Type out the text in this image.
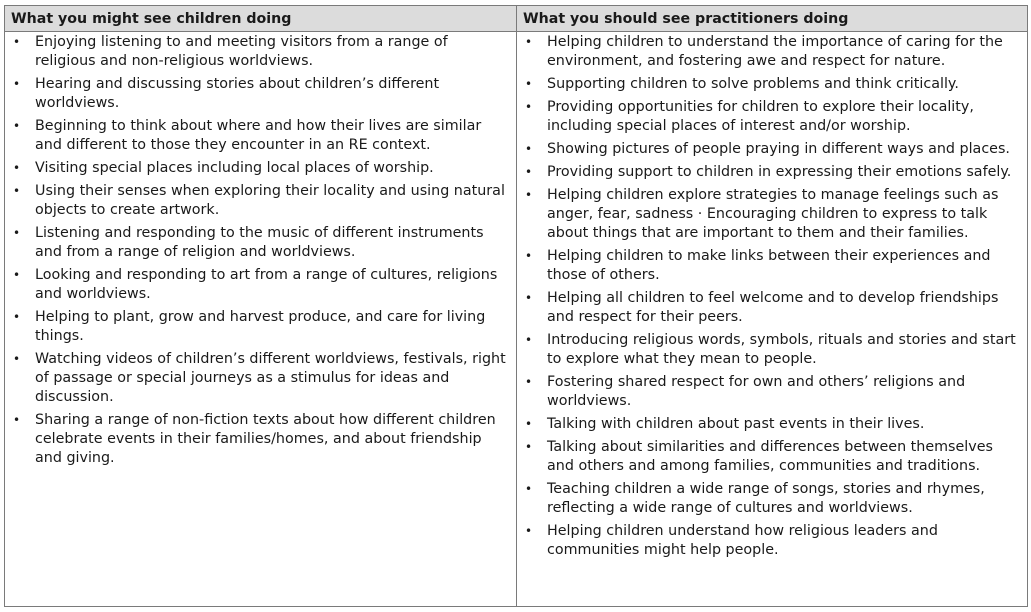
What you might see children doing	What you should see practitioners doing
• Enjoying listening to and meeting visitors from a range of religious and non-religious worldviews.
• Hearing and discussing stories about children’s different worldviews.
• Beginning to think about where and how their lives are similar and different to those they encounter in an RE context.
• Visiting special places including local places of worship.
• Using their senses when exploring their locality and using natural objects to create artwork.
• Listening and responding to the music of different instruments and from a range of religion and worldviews.
• Looking and responding to art from a range of cultures, religions and worldviews.
• Helping to plant, grow and harvest produce, and care for living things.
• Watching videos of children’s different worldviews, festivals, right of passage or special journeys as a stimulus for ideas and discussion.
• Sharing a range of non-fiction texts about how different children celebrate events in their families/homes, and about friendship and giving.
• Helping children to understand the importance of caring for the environment, and fostering awe and respect for nature.
• Supporting children to solve problems and think critically.
• Providing opportunities for children to explore their locality, including special places of interest and/or worship.
• Showing pictures of people praying in different ways and places.
• Providing support to children in expressing their emotions safely.
• Helping children explore strategies to manage feelings such as anger, fear, sadness · Encouraging children to express to talk about things that are important to them and their families.
• Helping children to make links between their experiences and those of others.
• Helping all children to feel welcome and to develop friendships and respect for their peers.
• Introducing religious words, symbols, rituals and stories and start to explore what they mean to people.
• Fostering shared respect for own and others’ religions and worldviews.
• Talking with children about past events in their lives.
• Talking about similarities and differences between themselves and others and among families, communities and traditions.
• Teaching children a wide range of songs, stories and rhymes, reflecting a wide range of cultures and worldviews.
• Helping children understand how religious leaders and communities might help people.
